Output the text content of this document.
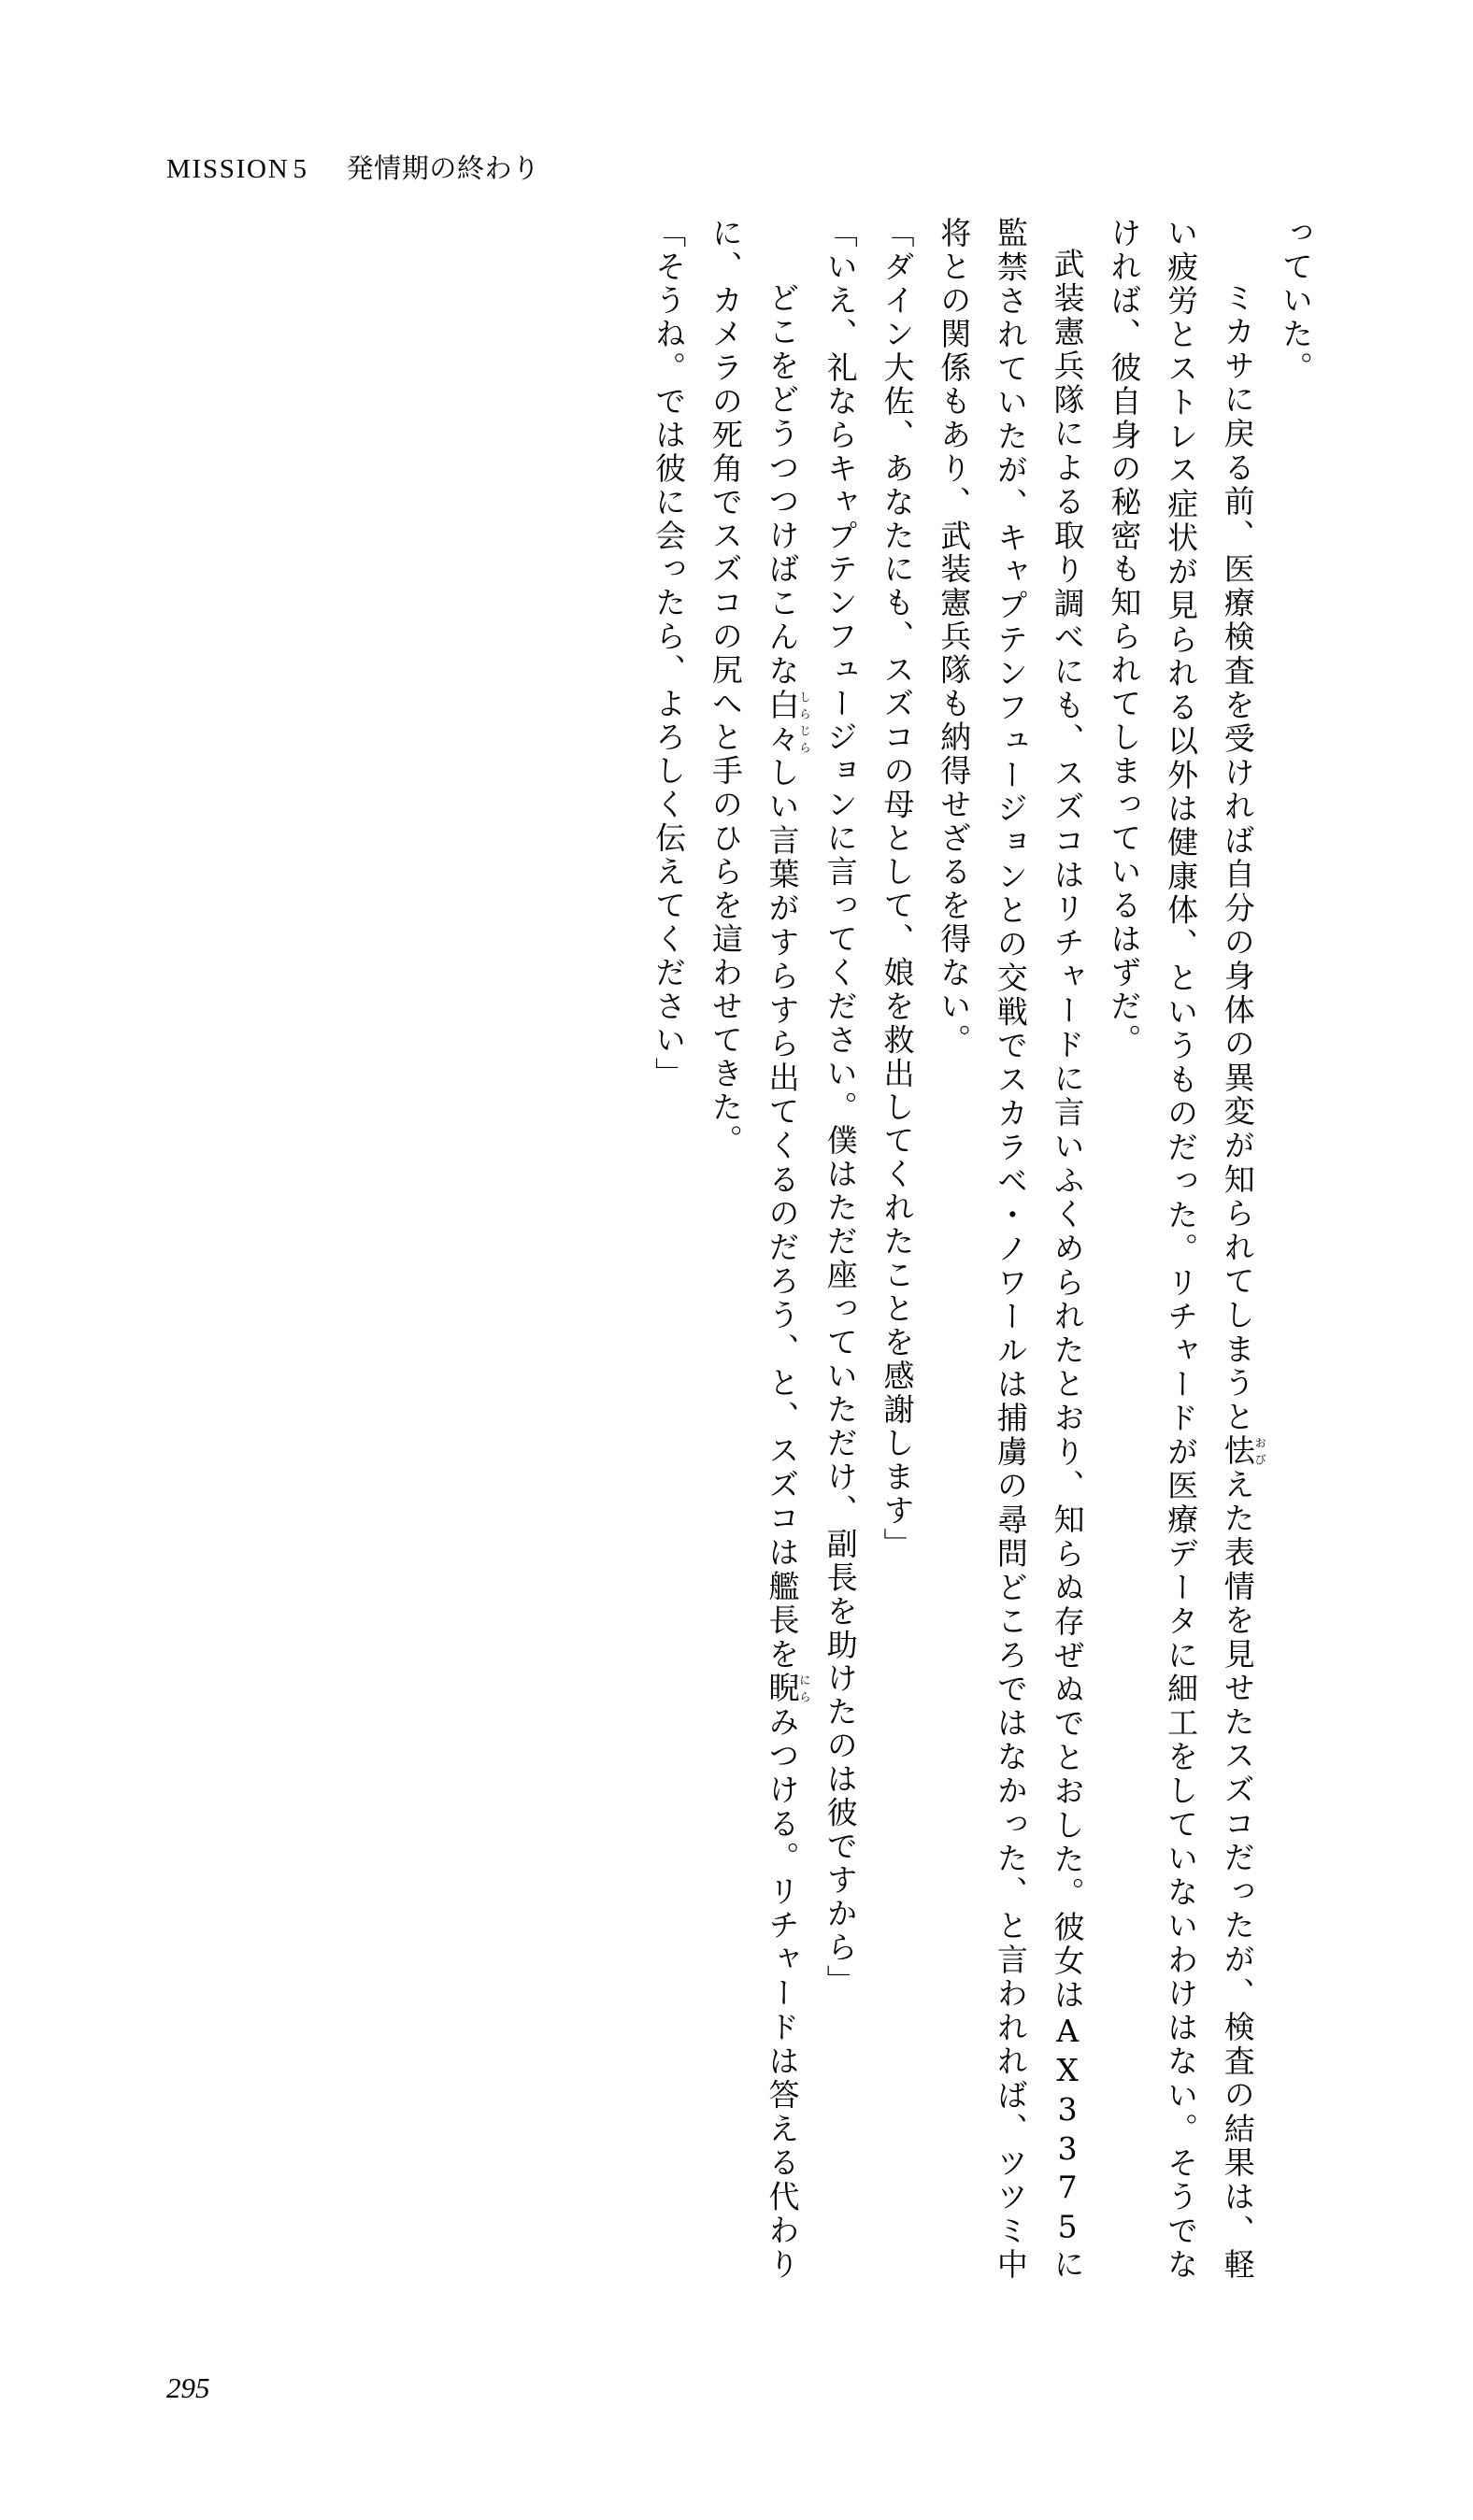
MISSION 5 発情期の終わり

っていた。

　ミカサに戻る前、医療検査を受ければ自分の身体の異変が知られてしまうと怯おびえた表情を見せたスズコだったが、検査の結果は、軽い疲労とストレス症状が見られる以外は健康体、というものだった。リチャードが医療データに細工をしていないわけはない。そうでなければ、彼自身の秘密も知られてしまっているはずだ。

武装憲兵隊による取り調べにも、スズコはリチャードに言いふくめられたとおり、知らぬ存ぜぬでとおした。彼女はAX3375に監禁されていたが、キャプテンフュージョンとの交戦でスカラベ・ノワールは捕虜の尋問どころではなかった、と言われれば、ツツミ中将との関係もあり、武装憲兵隊も納得せざるを得ない。

「ダイン大佐、あなたにも、スズコの母として、娘を救出してくれたことを感謝します」

「いえ、礼ならキャプテンフュージョンに言ってください。僕はただ座っていただけ、副長を助けたのは彼ですから」

　どこをどうつつけばこんな白々しらじらしい言葉がすらすら出てくるのだろう、と、スズコは艦長を睨にらみつける。リチャードは答える代わりに、カメラの死角でスズコの尻へと手のひらを這わせてきた。

「そうね。では彼に会ったら、よろしく伝えてください」

295
